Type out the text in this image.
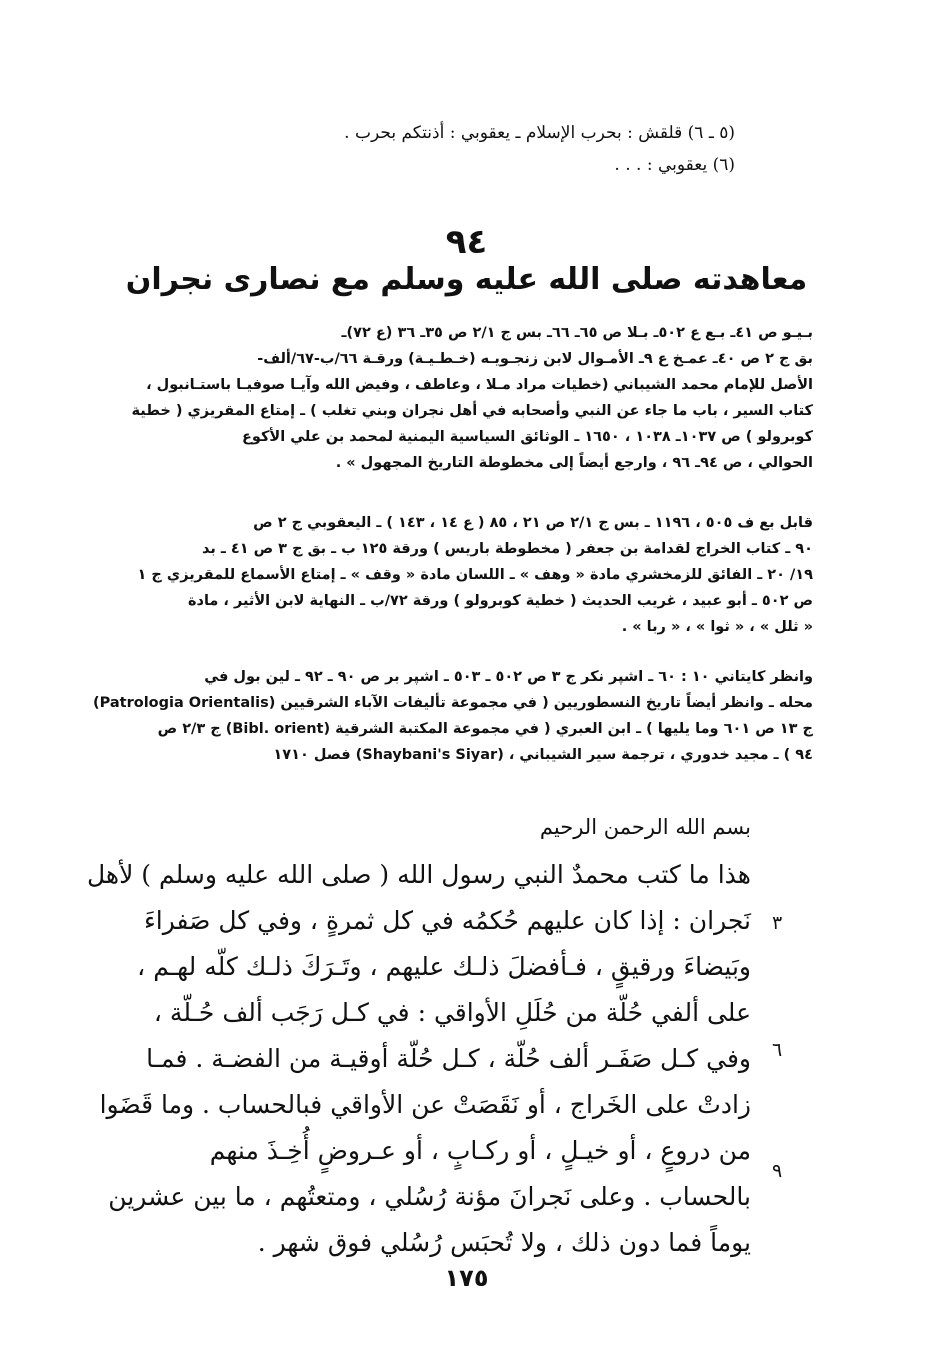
(٥ ـ ٦) قلقش : بحرب الإسلام ـ يعقوبي : أذنتكم بحرب .
(٦) يعقوبي : . . .
٩٤
معاهدته صلى الله عليه وسلم مع نصارى نجران
بـيـو ص ٤١ـ بـع ع ٥٠٢ـ بـلا ص ٦٥ـ ٦٦ـ بس ج ٢/١ ص ٣٥ـ ٣٦ (ع ٧٢)ـ
بق ج ٢ ص ٤٠ـ عمـخ ع ٩ـ الأمـوال لابن زنجـويـه (خـطـيـة) ورقـة ٦٦/ب-٦٧/ألف-
الأصل للإمام محمد الشيباني (خطيات مراد مـلا ، وعاطف ، وفيض الله وآيـا صوفيـا باستـانبول ،
كتاب السير ، باب ما جاء عن النبي وأصحابه في أهل نجران وبني تغلب ) ـ إمتاع المقريزي ( خطية
كوبرولو ) ص ١٠٣٧ـ ١٠٣٨ ، ١٦٥٠ ـ الوثائق السياسية اليمنية لمحمد بن علي الأكوع
الحوالي ، ص ٩٤ـ ٩٦ ، وارجع أيضاً إلى مخطوطة التاريخ المجهول » .
قابل بع ف ٥٠٥ ، ١١٩٦ ـ بس ج ٢/١ ص ٢١ ، ٨٥ ( ع ١٤ ، ١٤٣ ) ـ اليعقوبي ج ٢ ص
٩٠ ـ كتاب الخراج لقدامة بن جعفر ( مخطوطة باريس ) ورقة ١٢٥ ب ـ بق ج ٣ ص ٤١ ـ بد
١٩/ ٢٠ ـ الفائق للزمخشري مادة « وهف » ـ اللسان مادة « وقف » ـ إمتاع الأسماع للمقريزي ج ١
ص ٥٠٢ ـ أبو عبيد ، غريب الحديث ( خطية كوبرولو ) ورقة ٧٢/ب ـ النهاية لابن الأثير ، مادة
« ثلل » ، « ثوا » ، « ربا » .
وانظر كايتاني ١٠ : ٦٠ ـ اشپر نكر ج ٣ ص ٥٠٢ ـ ٥٠٣ ـ اشپر بر ص ٩٠ ـ ٩٢ ـ لين بول في
محله ـ وانظر أيضاً تاريخ النسطوريين ( في مجموعة تأليفات الآباء الشرقيين (Patrologia Orientalis)
ج ١٣ ص ٦٠١ وما يليها ) ـ ابن العبري ( في مجموعة المكتبة الشرقية (Bibl. orient) ج ٢/٣ ص
٩٤ ) ـ مجيد خدوري ، ترجمة سير الشيباني ، (Shaybani's Siyar) فصل ١٧١٠
بسم الله الرحمن الرحيم
هذا ما كتب محمدٌ النبي رسول الله ( صلى الله عليه وسلم ) لأهل
نَجران : إذا كان عليهم حُكمُه في كل ثمرةٍ ، وفي كل صَفراءَ
وبَيضاءَ ورقيقٍ ، فـأفضلَ ذلـك عليهم ، وتَـرَكَ ذلـك كلّه لهـم ،
على ألفي حُلّة من حُلَلِ الأواقي : في كـل رَجَب ألف حُـلّة ،
وفي كـل صَفَـر ألف حُلّة ، كـل حُلّة أوقيـة من الفضـة . فمـا
زادتْ على الخَراج ، أو نَقَصَتْ عن الأواقي فبالحساب . وما قَضَوا
من دروعٍ ، أو خيـلٍ ، أو ركـابٍ ، أو عـروضٍ أُخِـذَ منهم
بالحساب . وعلى نَجرانَ مؤنة رُسُلي ، ومتعتُهم ، ما بين عشرين
يوماً فما دون ذلك ، ولا تُحبَس رُسُلي فوق شهر .
٣
٦
٩
١٧٥
